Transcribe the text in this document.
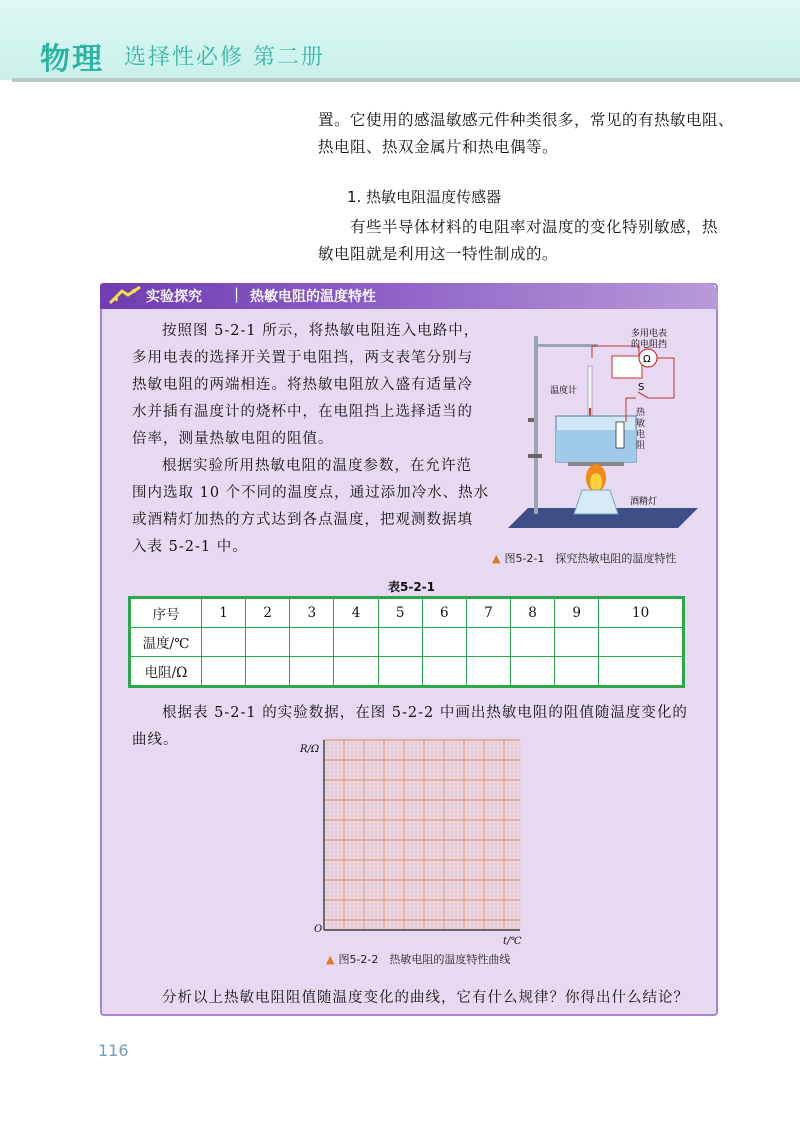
物理 选择性必修 第二册
置。它使用的感温敏感元件种类很多，常见的有热敏电阻、
热电阻、热双金属片和热电偶等。
1. 热敏电阻温度传感器
有些半导体材料的电阻率对温度的变化特别敏感，热
敏电阻就是利用这一特性制成的。
实验探究 | 热敏电阻的温度特性
按照图 5-2-1 所示，将热敏电阻连入电路中，
多用电表的选择开关置于电阻挡，两支表笔分别与
热敏电阻的两端相连。将热敏电阻放入盛有适量冷
水并插有温度计的烧杯中，在电阻挡上选择适当的
倍率，测量热敏电阻的阻值。
根据实验所用热敏电阻的温度参数，在允许范
围内选取 10 个不同的温度点，通过添加冷水、热水
或酒精灯加热的方式达到各点温度，把观测数据填
入表 5-2-1 中。
多用电表
的电阻挡
Ω
S
温度计
酒精灯
热敏电阻
▲ 图5-2-1　探究热敏电阻的温度特性
表5-2-1
序号	1	2	3	4	5	6	7	8	9	10
温度/℃										
电阻/Ω										
根据表 5-2-1 的实验数据，在图 5-2-2 中画出热敏电阻的阻值随温度变化的
曲线。
R/Ω
O
t/℃
▲ 图5-2-2　热敏电阻的温度特性曲线
分析以上热敏电阻阻值随温度变化的曲线，它有什么规律？你得出什么结论？
116
